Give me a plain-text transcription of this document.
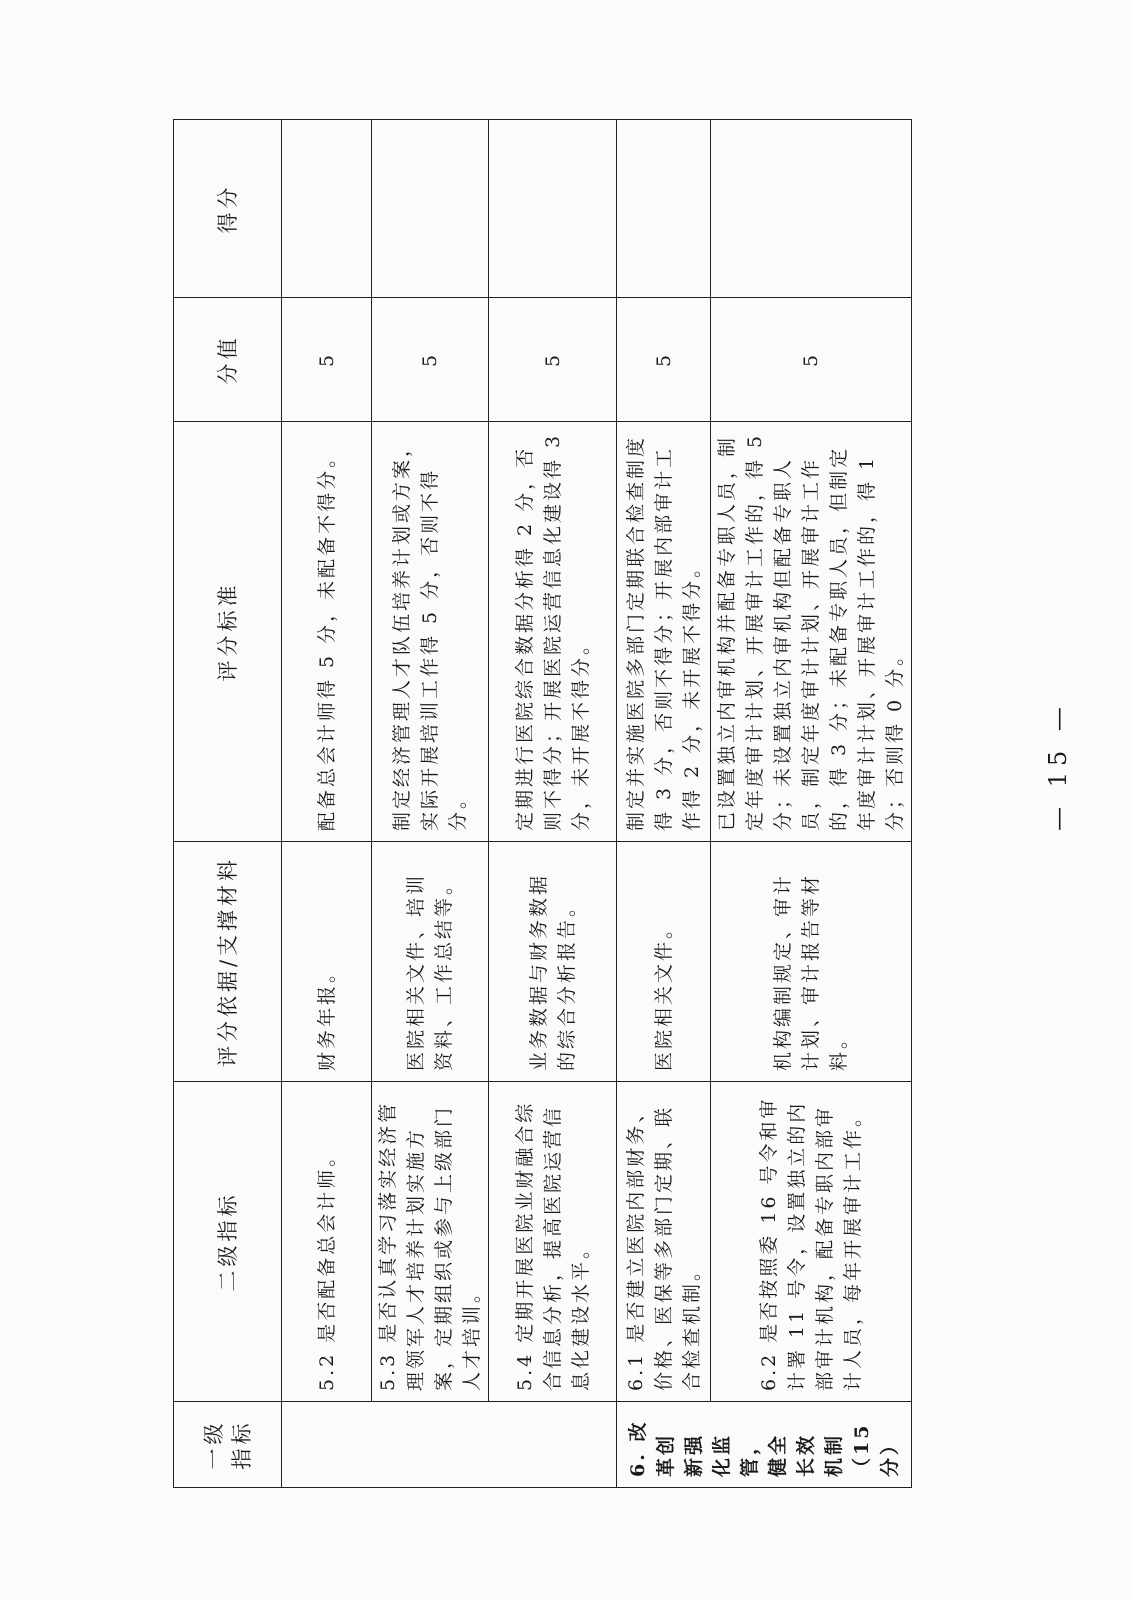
一级指标	二级指标	评分依据/支撑材料	评分标准	分值	得分
	5.2 是否配备总会计师。	财务年报。	配备总会计师得 5 分，未配备不得分。	5	
	5.3 是否认真学习落实经济管理领军人才培养计划实施方案，定期组织或参与上级部门人才培训。	医院相关文件、培训资料、工作总结等。	制定经济管理人才队伍培养计划或方案，实际开展培训工作得 5 分，否则不得分。	5	
	5.4 定期开展医院业财融合综合信息分析，提高医院运营信息化建设水平。	业务数据与财务数据的综合分析报告。	定期进行医院综合数据分析得 2 分，否则不得分；开展医院运营信息化建设得 3 分，未开展不得分。	5	
6. 改革创新强化监管，健全长效机制（15分）	6.1 是否建立医院内部财务、价格、医保等多部门定期、联合检查机制。	医院相关文件。	制定并实施医院多部门定期联合检查制度得 3 分，否则不得分；开展内部审计工作得 2 分，未开展不得分。	5	
	6.2 是否按照委 16 号令和审计署 11 号令，设置独立的内部审计机构，配备专职内部审计人员，每年开展审计工作。	机构编制规定、审计计划、审计报告等材料。	已设置独立内审机构并配备专职人员，制定年度审计计划、开展审计工作的，得 5 分；未设置独立内审机构但配备专职人员，制定年度审计计划、开展审计工作的，得 3 分；未配备专职人员，但制定年度审计计划、开展审计工作的，得 1 分；否则得 0 分。	5	
— 15 —
